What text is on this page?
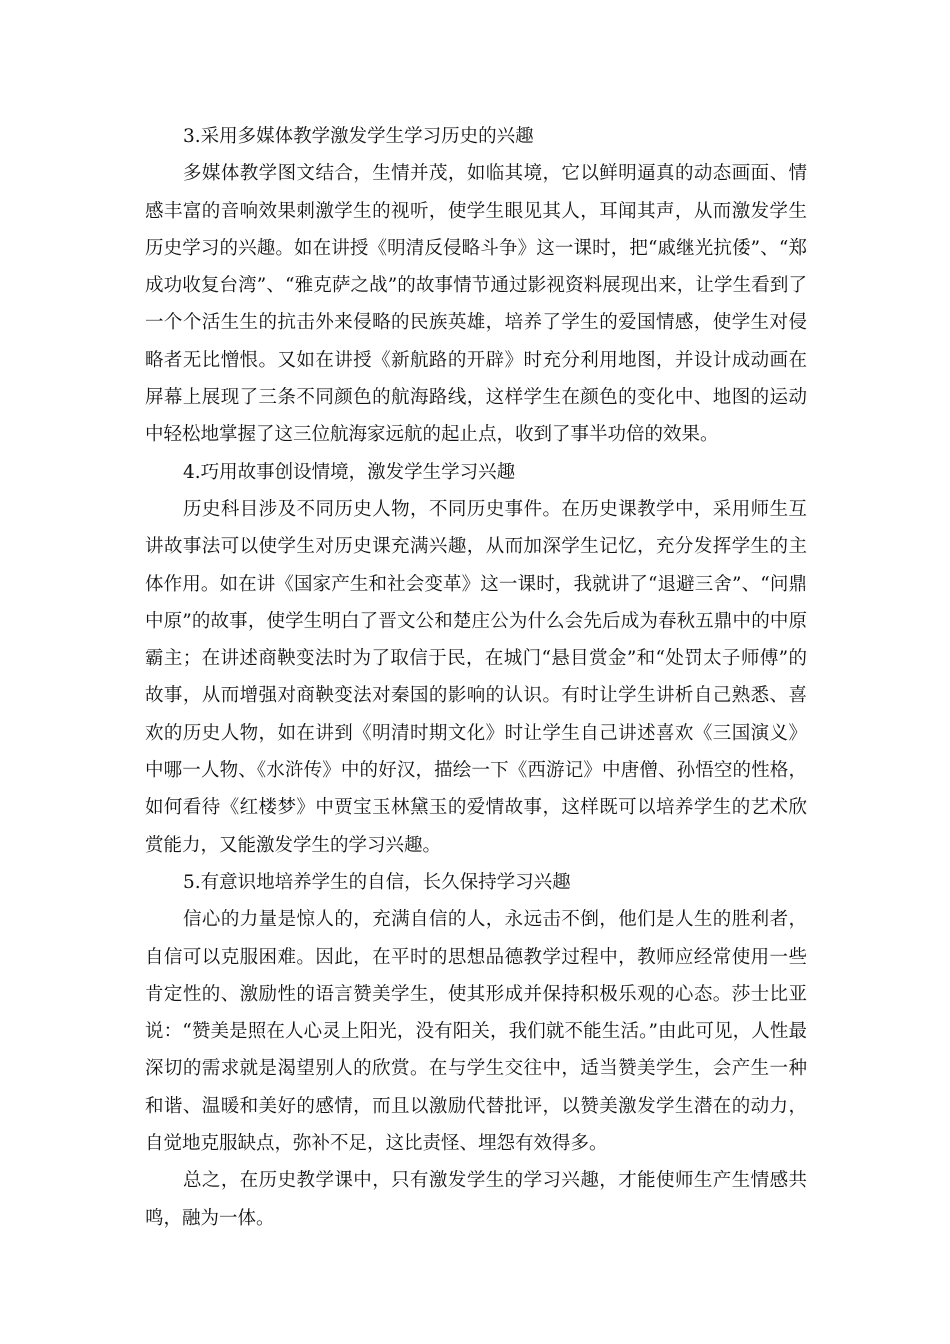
3.采用多媒体教学激发学生学习历史的兴趣

多媒体教学图文结合，生情并茂，如临其境，它以鲜明逼真的动态画面、情感丰富的音响效果刺激学生的视听，使学生眼见其人，耳闻其声，从而激发学生历史学习的兴趣。如在讲授《明清反侵略斗争》这一课时，把“戚继光抗倭”、“郑成功收复台湾”、“雅克萨之战”的故事情节通过影视资料展现出来，让学生看到了一个个活生生的抗击外来侵略的民族英雄，培养了学生的爱国情感，使学生对侵略者无比憎恨。又如在讲授《新航路的开辟》时充分利用地图，并设计成动画在屏幕上展现了三条不同颜色的航海路线，这样学生在颜色的变化中、地图的运动中轻松地掌握了这三位航海家远航的起止点，收到了事半功倍的效果。

4.巧用故事创设情境，激发学生学习兴趣

历史科目涉及不同历史人物，不同历史事件。在历史课教学中，采用师生互讲故事法可以使学生对历史课充满兴趣，从而加深学生记忆，充分发挥学生的主体作用。如在讲《国家产生和社会变革》这一课时，我就讲了“退避三舍”、“问鼎中原”的故事，使学生明白了晋文公和楚庄公为什么会先后成为春秋五鼎中的中原霸主；在讲述商鞅变法时为了取信于民，在城门“悬目赏金”和“处罚太子师傅”的故事，从而增强对商鞅变法对秦国的影响的认识。有时让学生讲析自己熟悉、喜欢的历史人物，如在讲到《明清时期文化》时让学生自己讲述喜欢《三国演义》中哪一人物、《水浒传》中的好汉，描绘一下《西游记》中唐僧、孙悟空的性格，如何看待《红楼梦》中贾宝玉林黛玉的爱情故事，这样既可以培养学生的艺术欣赏能力，又能激发学生的学习兴趣。

5.有意识地培养学生的自信，长久保持学习兴趣

信心的力量是惊人的，充满自信的人，永远击不倒，他们是人生的胜利者，自信可以克服困难。因此，在平时的思想品德教学过程中，教师应经常使用一些肯定性的、激励性的语言赞美学生，使其形成并保持积极乐观的心态。莎士比亚说：“赞美是照在人心灵上阳光，没有阳关，我们就不能生活。”由此可见，人性最深切的需求就是渴望别人的欣赏。在与学生交往中，适当赞美学生，会产生一种和谐、温暖和美好的感情，而且以激励代替批评，以赞美激发学生潜在的动力，自觉地克服缺点，弥补不足，这比责怪、埋怨有效得多。

总之，在历史教学课中，只有激发学生的学习兴趣，才能使师生产生情感共鸣，融为一体。
